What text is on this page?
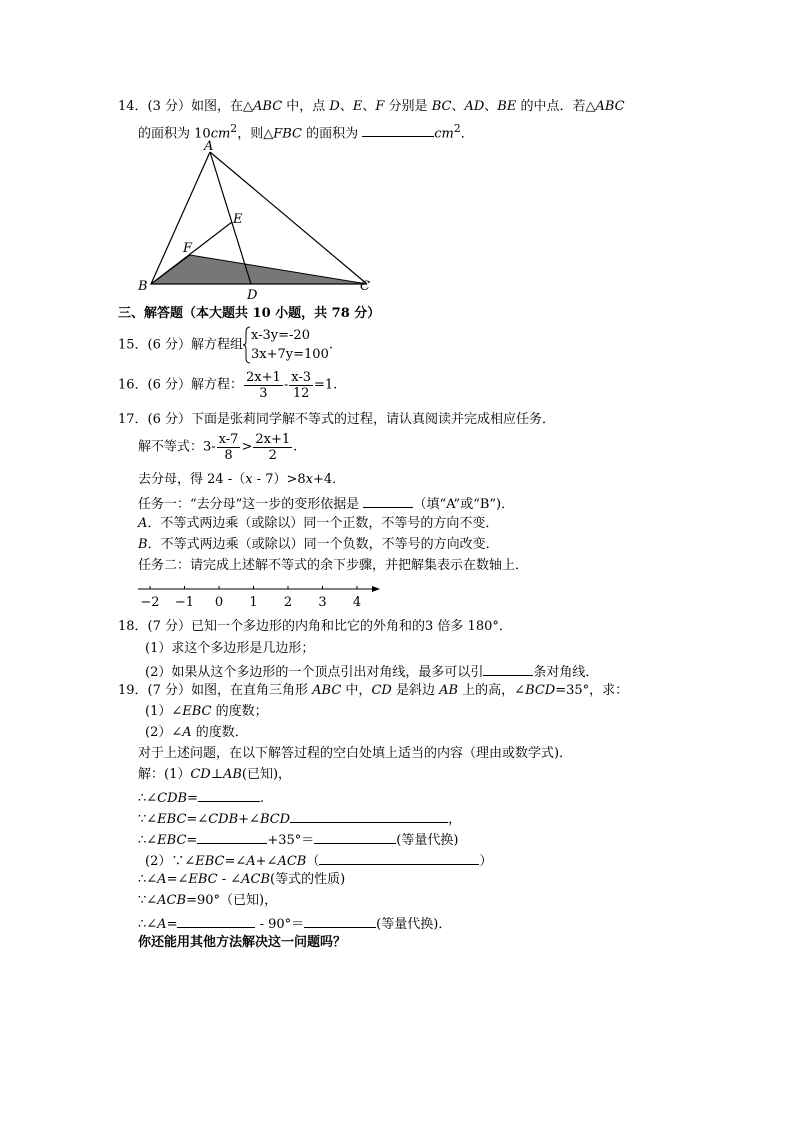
14．(3 分）如图，在△ABC 中，点 D、E、F 分别是 BC、AD、BE 的中点．若△ABC
的面积为 $10cm^2$，则△FBC 的面积为	$cm^2$．
A
B	C
D
E
F
三、解答题（本大题共 10 小题，共 78 分）
15．(6 分）解方程组
x-3y=-20
3x+7y=100
.
16．(6 分）解方程： $\frac{2x+1}{3} - \frac{x-3}{12} =1$.
17．(6 分）下面是张莉同学解不等式的过程，请认真阅读并完成相应任务．
解不等式：$3- \frac{x-7}{8} > \frac{2x+1}{2}$ .
去分母，得 24 -（x - 7）>8x+4．
任务一：“去分母”这一步的变形依据是	（填“A”或“B”)．
A．不等式两边乘（或除以）同一个正数，不等号的方向不变．
B．不等式两边乘（或除以）同一个负数，不等号的方向改变．
任务二：请完成上述解不等式的余下步骤，并把解集表示在数轴上．
−2 −1 0 1 2 3 4
18．(7 分）已知一个多边形的内角和比它的外角和的3 倍多 180°．
(1）求这个多边形是几边形；
(2）如果从这个多边形的一个顶点引出对角线，最多可以引	条对角线．
19．(7 分）如图，在直角三角形 ABC 中，CD 是斜边 AB 上的高，∠BCD=35°，求：
(1）∠EBC 的度数；
(2）∠A 的度数．
对于上述问题，在以下解答过程的空白处填上适当的内容（理由或数学式)．
解：(1）CD⊥AB(已知)，
∴∠CDB=	.
∵∠EBC=∠CDB+∠BCD	，
∴∠EBC=	+35°＝	(等量代换)
(2）∵∠EBC=∠A+∠ACB（	）
∴∠A=∠EBC - ∠ACB(等式的性质)
∵∠ACB=90°（已知)，
∴∠A=	- 90°＝	(等量代换)．
你还能用其他方法解决这一问题吗？
